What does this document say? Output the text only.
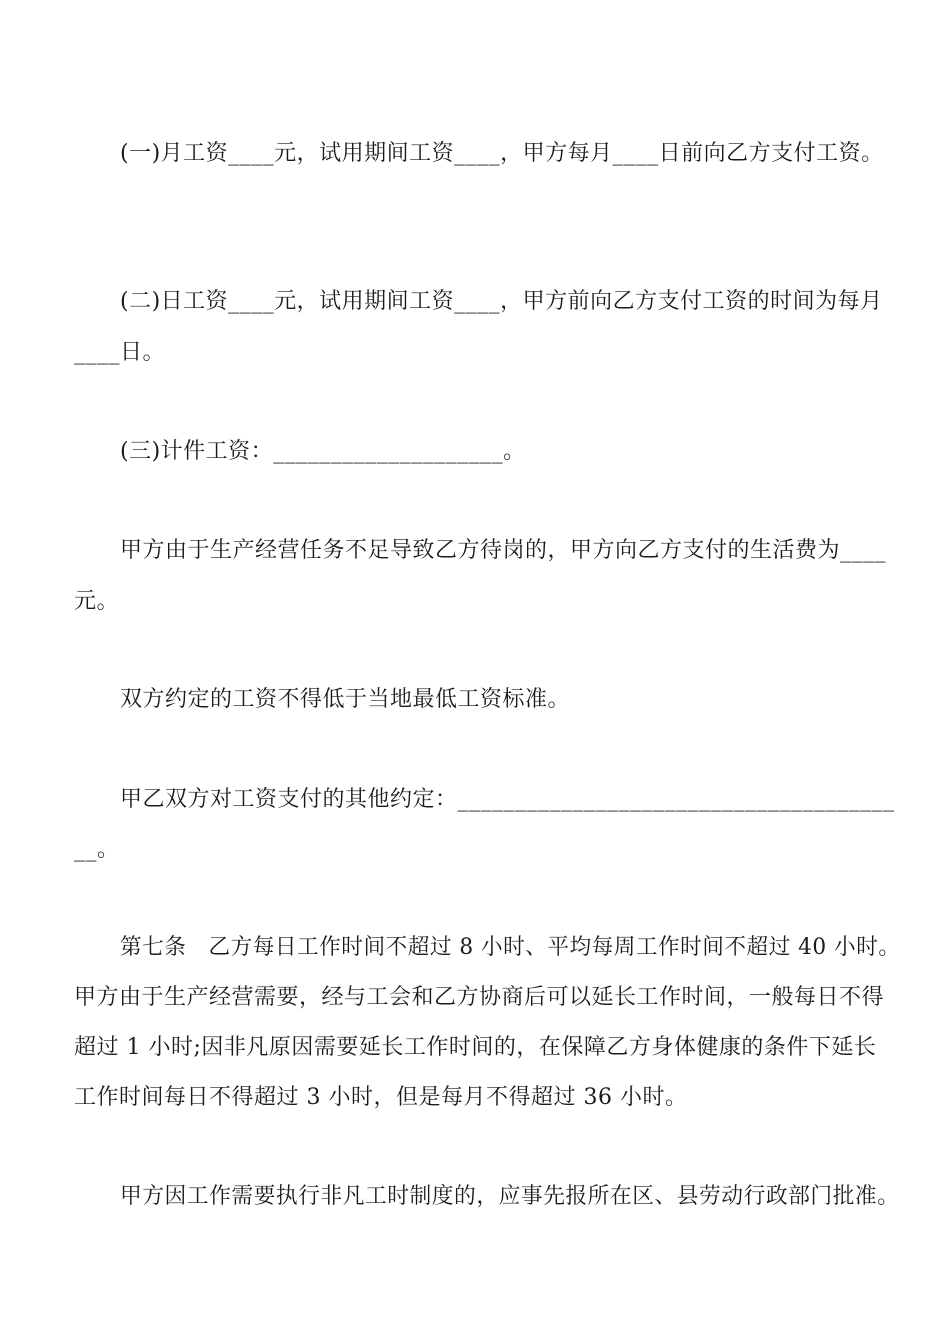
(一)月工资____元，试用期间工资____，甲方每月____日前向乙方支付工资。
(二)日工资____元，试用期间工资____，甲方前向乙方支付工资的时间为每月
____日。
(三)计件工资：____________________。
甲方由于生产经营任务不足导致乙方待岗的，甲方向乙方支付的生活费为____
元。
双方约定的工资不得低于当地最低工资标准。
甲乙双方对工资支付的其他约定：______________________________________
__。
第七条　乙方每日工作时间不超过 8 小时、平均每周工作时间不超过 40 小时。
甲方由于生产经营需要，经与工会和乙方协商后可以延长工作时间，一般每日不得
超过 1 小时;因非凡原因需要延长工作时间的，在保障乙方身体健康的条件下延长
工作时间每日不得超过 3 小时，但是每月不得超过 36 小时。
甲方因工作需要执行非凡工时制度的，应事先报所在区、县劳动行政部门批准。
